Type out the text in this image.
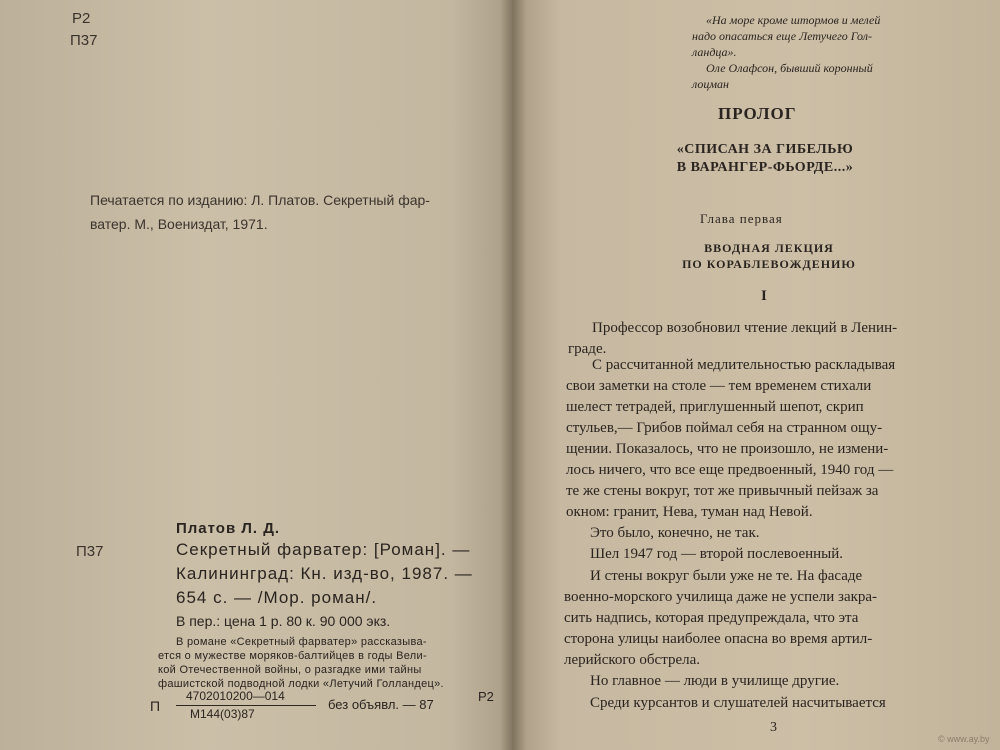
Р2
П37
Печатается по изданию: Л. Платов. Секретный фар-
ватер. М., Воениздат, 1971.
Платов Л. Д.
П37	Секретный фарватер: [Роман]. —
Калининград: Кн. изд-во, 1987. —
654 с. — /Мор. роман/.
В пер.: цена 1 р. 80 к. 90 000 экз.
В романе «Секретный фарватер» рассказыва-
ется о мужестве моряков-балтийцев в годы Вели-
кой Отечественной войны, о разгадке ими тайны
фашистской подводной лодки «Летучий Голландец».
П
4702010200—014
М144(03)87
без объявл. — 87
Р2
«На море кроме штормов и мелей
надо опасаться еще Летучего Гол-
ландца».
Оле Олафсон, бывший коронный
лоцман
ПРОЛОГ
«СПИСАН ЗА ГИБЕЛЬЮ
В ВАРАНГЕР-ФЬОРДЕ...»
Глава первая
ВВОДНАЯ ЛЕКЦИЯ
ПО КОРАБЛЕВОЖДЕНИЮ
I
Профессор возобновил чтение лекций в Ленин-
граде.
С рассчитанной медлительностью раскладывая
свои заметки на столе — тем временем стихали
шелест тетрадей, приглушенный шепот, скрип
стульев,— Грибов поймал себя на странном ощу-
щении. Показалось, что не произошло, не измени-
лось ничего, что все еще предвоенный, 1940 год —
те же стены вокруг, тот же привычный пейзаж за
окном: гранит, Нева, туман над Невой.
Это было, конечно, не так.
Шел 1947 год — второй послевоенный.
И стены вокруг были уже не те. На фасаде
военно-морского училища даже не успели закра-
сить надпись, которая предупреждала, что эта
сторона улицы наиболее опасна во время артил-
лерийского обстрела.
Но главное — люди в училище другие.
Среди курсантов и слушателей насчитывается
3
© www.ay.by
